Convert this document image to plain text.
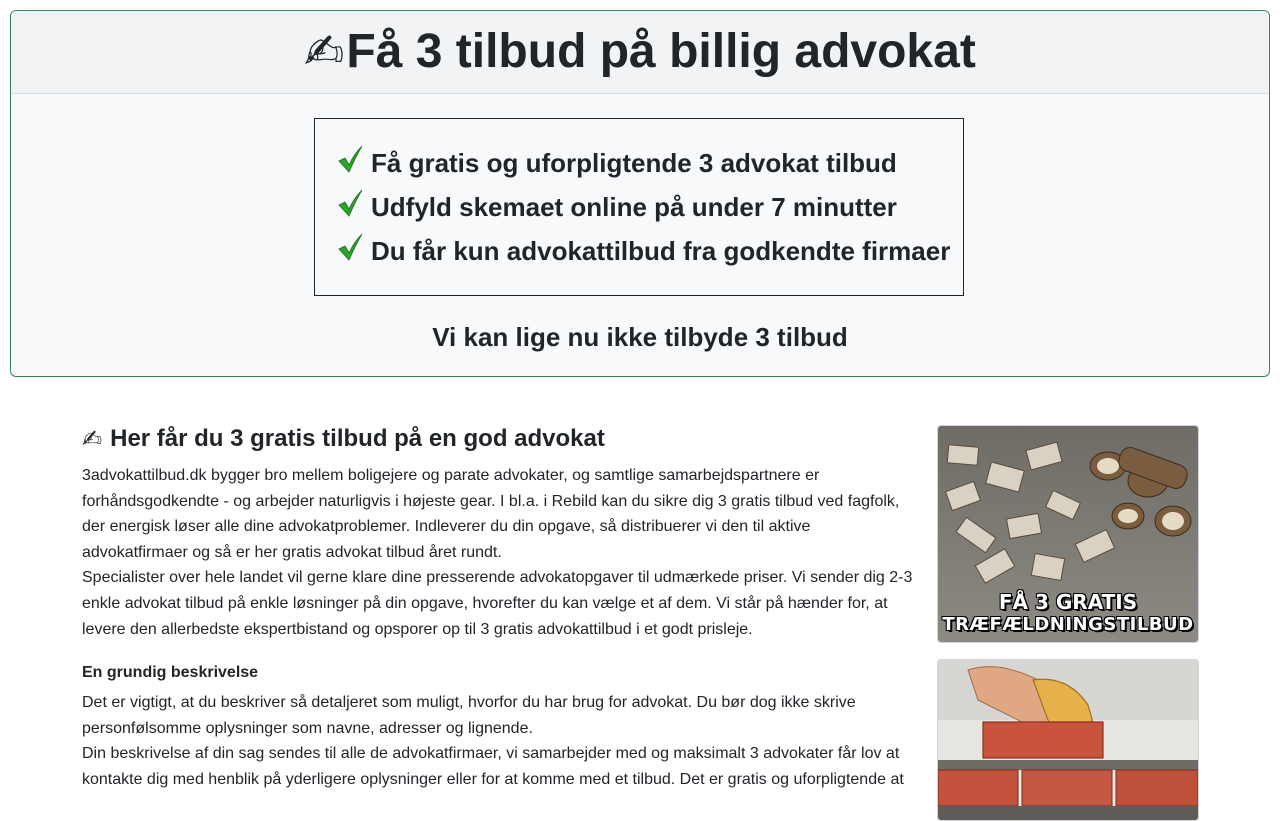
✍ Få 3 tilbud på billig advokat
Få gratis og uforpligtende 3 advokat tilbud
Udfyld skemaet online på under 7 minutter
Du får kun advokattilbud fra godkendte firmaer
Vi kan lige nu ikke tilbyde 3 tilbud
✍ Her får du 3 gratis tilbud på en god advokat

3advokattilbud.dk bygger bro mellem boligejere og parate advokater, og samtlige samarbejdspartnere er forhåndsgodkendte - og arbejder naturligvis i højeste gear. I bl.a. i Rebild kan du sikre dig 3 gratis tilbud ved fagfolk, der energisk løser alle dine advokatproblemer. Indleverer du din opgave, så distribuerer vi den til aktive advokatfirmaer og så er her gratis advokat tilbud året rundt.

Specialister over hele landet vil gerne klare dine presserende advokatopgaver til udmærkede priser. Vi sender dig 2-3 enkle advokat tilbud på enkle løsninger på din opgave, hvorefter du kan vælge et af dem. Vi står på hænder for, at levere den allerbedste ekspertbistand og opsporer op til 3 gratis advokattilbud i et godt prisleje.

En grundig beskrivelse

Det er vigtigt, at du beskriver så detaljeret som muligt, hvorfor du har brug for advokat. Du bør dog ikke skrive personfølsomme oplysninger som navne, adresser og lignende.

Din beskrivelse af din sag sendes til alle de advokatfirmaer, vi samarbejder med og maksimalt 3 advokater får lov at kontakte dig med henblik på yderligere oplysninger eller for at komme med et tilbud. Det er gratis og uforpligtende at

FÅ 3 GRATIS
TRÆFÆLDNINGSTILBUD
